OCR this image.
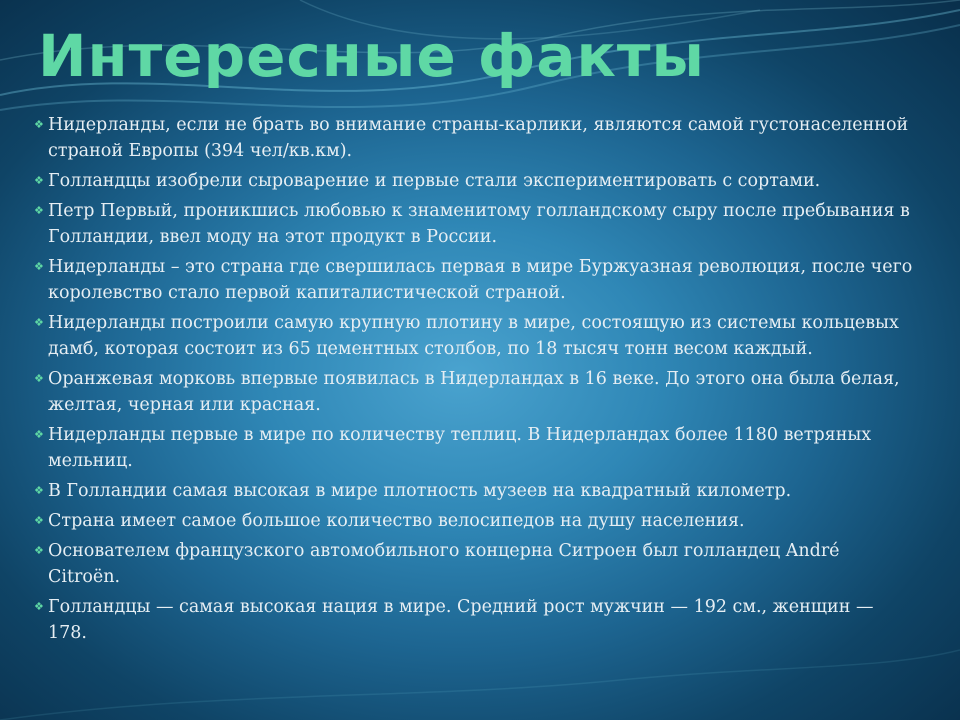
Интересные факты
❖ Нидерланды, если не брать во внимание страны-карлики, являются самой густонаселенной страной Европы (394 чел/кв.км).
❖ Голландцы изобрели сыроварение и первые стали экспериментировать с сортами.
❖ Петр Первый, проникшись любовью к знаменитому голландскому сыру после пребывания в Голландии, ввел моду на этот продукт в России.
❖ Нидерланды – это страна где свершилась первая в мире Буржуазная революция, после чего королевство стало первой капиталистической страной.
❖ Нидерланды построили самую крупную плотину в мире, состоящую из системы кольцевых дамб, которая состоит из 65 цементных столбов, по 18 тысяч тонн весом каждый.
❖ Оранжевая морковь впервые появилась в Нидерландах в 16 веке. До этого она была белая, желтая, черная или красная.
❖ Нидерланды первые в мире по количеству теплиц. В Нидерландах более 1180 ветряных мельниц.
❖ В Голландии самая высокая в мире плотность музеев на квадратный километр.
❖ Страна имеет самое большое количество велосипедов на душу населения.
❖ Основателем французского автомобильного концерна Ситроен был голландец André Citroën.
❖ Голландцы — самая высокая нация в мире. Средний рост мужчин — 192 см., женщин — 178.
